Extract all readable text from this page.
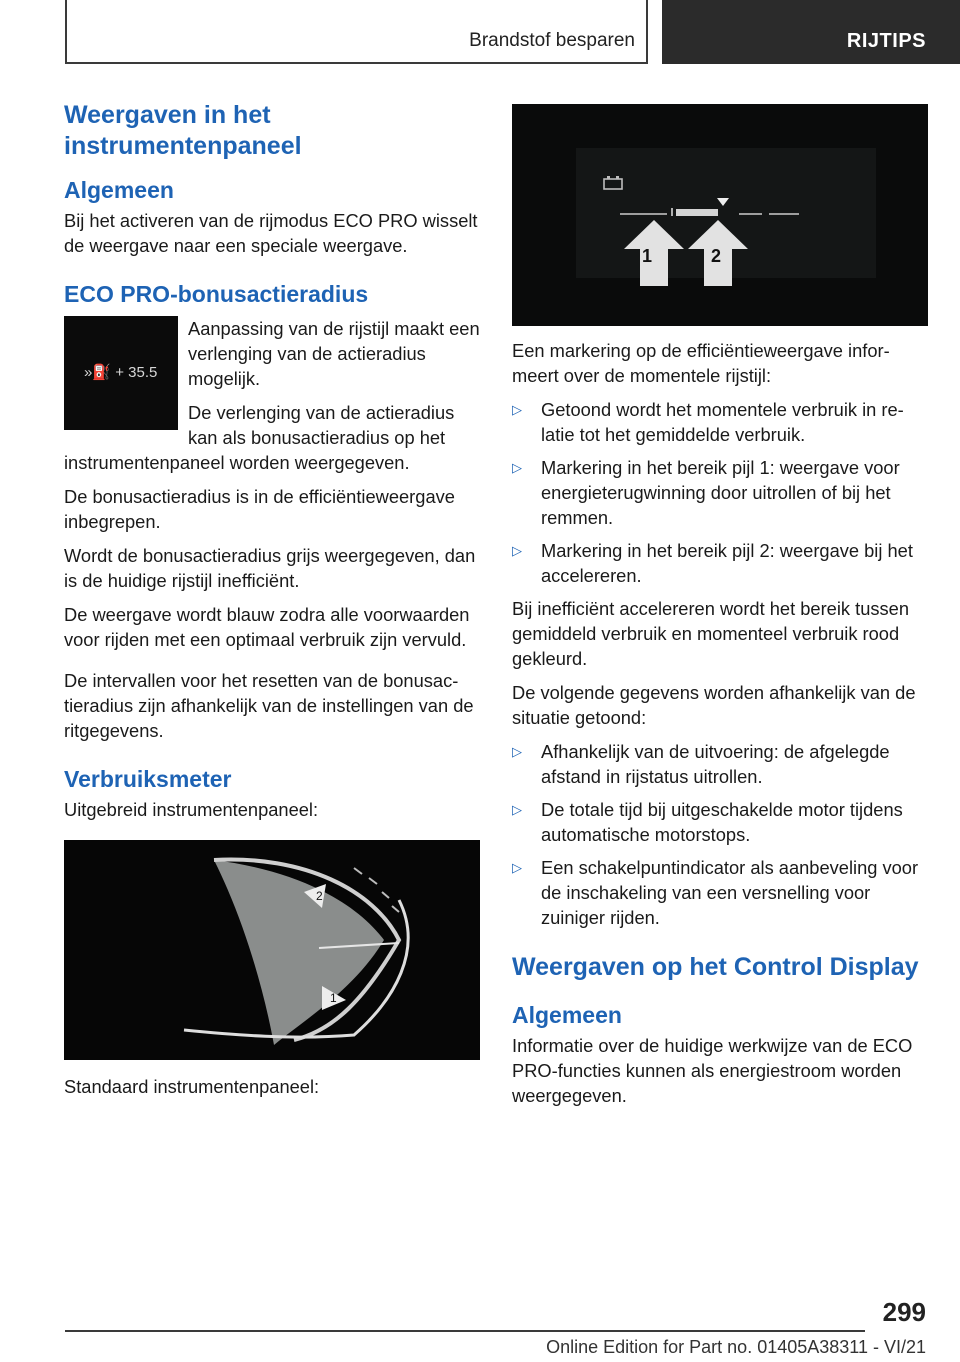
Brandstof besparen	RIJTIPS
Weergaven in het instrumentenpaneel
Algemeen

Bij het activeren van de rijmodus ECO PRO wisselt de weergave naar een speciale weergave.

ECO PRO-bonusactieradius
»⛽ + 35.5

Aanpassing van de rijstijl maakt een verlenging van de actieradius mogelijk.

De verlenging van de actieradius kan als bonusactieradius op het instrumentenpaneel worden weergegeven.

De bonusactieradius is in de efficiëntieweergave inbegrepen.

Wordt de bonusactieradius grijs weergegeven, dan is de huidige rijstijl inefficiënt.

De weergave wordt blauw zodra alle voorwaarden voor rijden met een optimaal verbruik zijn vervuld.

De intervallen voor het resetten van de bonusactieradius zijn afhankelijk van de instellingen van de ritgegevens.

Verbruiksmeter

Uitgebreid instrumentenpaneel:

2
1

Standaard instrumentenpaneel:

1	2

Een markering op de efficiëntieweergave informeert over de momentele rijstijl:

▷	Getoond wordt het momentele verbruik in relatie tot het gemiddelde verbruik.
▷	Markering in het bereik pijl 1: weergave voor energieterugwinning door uitrollen of bij het remmen.
▷	Markering in het bereik pijl 2: weergave bij het accelereren.

Bij inefficiënt accelereren wordt het bereik tussen gemiddeld verbruik en momenteel verbruik rood gekleurd.

De volgende gegevens worden afhankelijk van de situatie getoond:

▷	Afhankelijk van de uitvoering: de afgelegde afstand in rijstatus uitrollen.
▷	De totale tijd bij uitgeschakelde motor tijdens automatische motorstops.
▷	Een schakelpuntindicator als aanbeveling voor de inschakeling van een versnelling voor zuiniger rijden.
Weergaven op het Control Display
Algemeen

Informatie over de huidige werkwijze van de ECO PRO-functies kunnen als energiestroom worden weergegeven.

299
Online Edition for Part no. 01405A38311 - VI/21
